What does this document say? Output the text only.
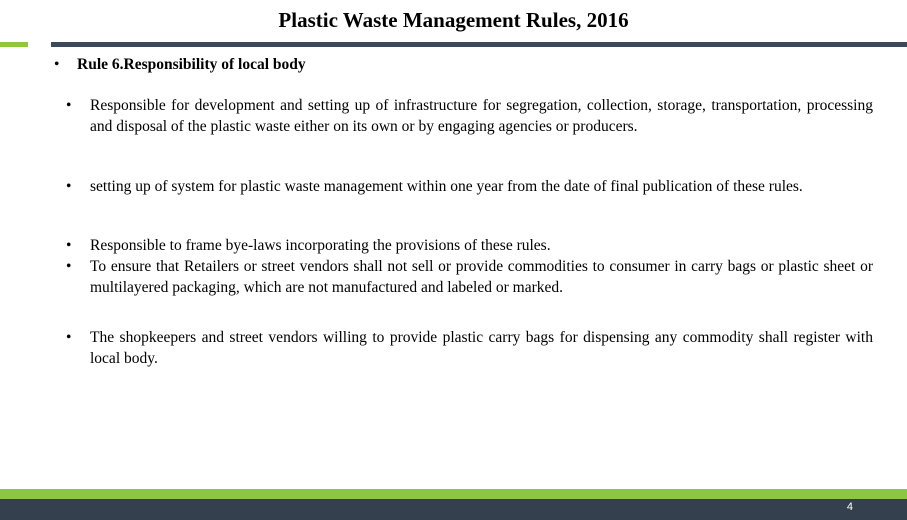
Plastic Waste Management Rules, 2016
•	Rule 6.Responsibility of local body
•	Responsible for development and setting up of infrastructure for segregation, collection, storage, transportation, processing and disposal of the plastic waste either on its own or by engaging agencies or producers.
•	setting up of system for plastic waste management within one year from the date of final publication of these rules.
•	Responsible to frame bye-laws incorporating the provisions of these rules.
•	To ensure that Retailers or street vendors shall not sell or provide commodities to consumer in carry bags or plastic sheet or multilayered packaging, which are not manufactured and labeled or marked.
•	The shopkeepers and street vendors willing to provide plastic carry bags for dispensing any commodity shall register with local body.
4
